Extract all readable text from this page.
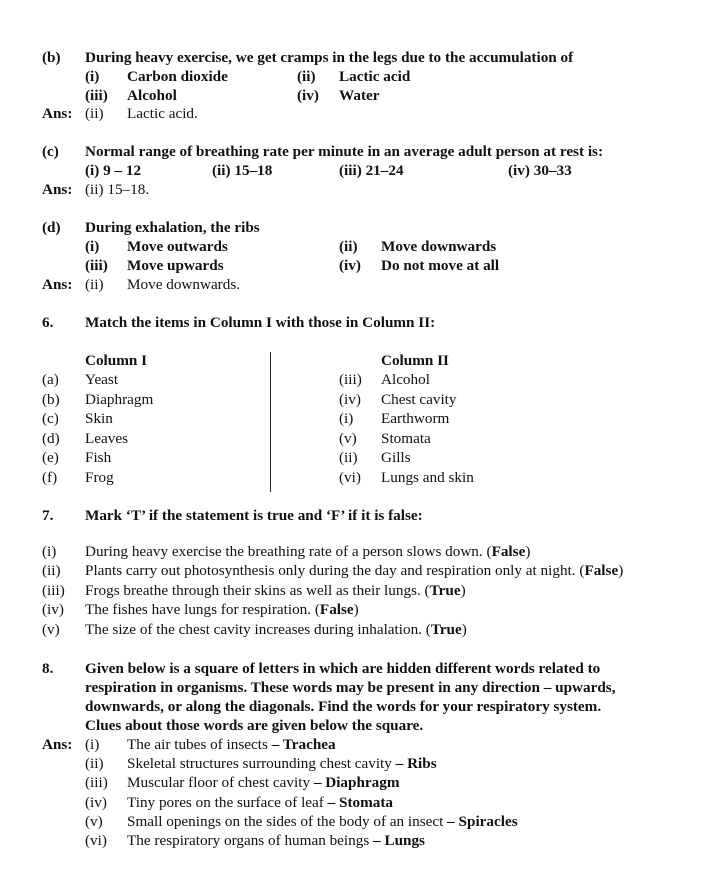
(b) During heavy exercise, we get cramps in the legs due to the accumulation of
(i) Carbon dioxide	(ii) Lactic acid
(iii) Alcohol	(iv) Water
Ans: (ii) Lactic acid.
(c) Normal range of breathing rate per minute in an average adult person at rest is:
(i) 9 – 12	(ii) 15–18	(iii) 21–24	(iv) 30–33
Ans: (ii) 15–18.
(d) During exhalation, the ribs
(i) Move outwards	(ii) Move downwards
(iii) Move upwards	(iv) Do not move at all
Ans: (ii) Move downwards.
6. Match the items in Column I with those in Column II:
Column I	Column II
(a) Yeast	(iii) Alcohol
(b) Diaphragm	(iv) Chest cavity
(c) Skin	(i) Earthworm
(d) Leaves	(v) Stomata
(e) Fish	(ii) Gills
(f) Frog	(vi) Lungs and skin
7. Mark ‘T’ if the statement is true and ‘F’ if it is false:
(i) During heavy exercise the breathing rate of a person slows down. (False)
(ii) Plants carry out photosynthesis only during the day and respiration only at night. (False)
(iii) Frogs breathe through their skins as well as their lungs. (True)
(iv) The fishes have lungs for respiration. (False)
(v) The size of the chest cavity increases during inhalation. (True)
8. Given below is a square of letters in which are hidden different words related to
respiration in organisms. These words may be present in any direction – upwards,
downwards, or along the diagonals. Find the words for your respiratory system.
Clues about those words are given below the square.
Ans: (i) The air tubes of insects – Trachea
(ii) Skeletal structures surrounding chest cavity – Ribs
(iii) Muscular floor of chest cavity – Diaphragm
(iv) Tiny pores on the surface of leaf – Stomata
(v) Small openings on the sides of the body of an insect – Spiracles
(vi) The respiratory organs of human beings – Lungs
